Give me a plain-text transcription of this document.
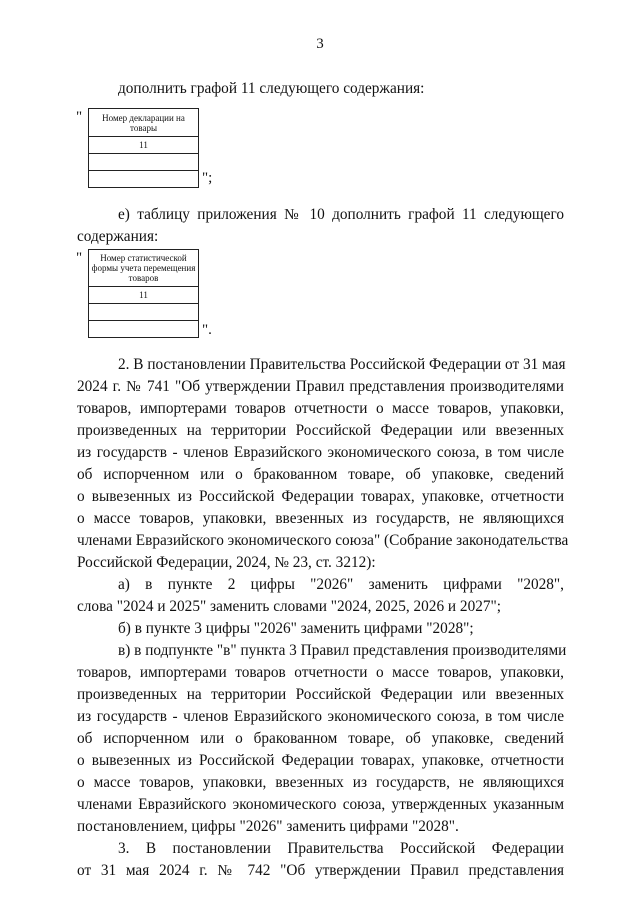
3
дополнить графой 11 следующего содержания:
" Номер декларации на товары
11

";
е) таблицу приложения № 10 дополнить графой 11 следующего
содержания:
" Номер статистической формы учета перемещения товаров
11

".
2. В постановлении Правительства Российской Федерации от 31 мая
2024 г. № 741 "Об утверждении Правил представления производителями
товаров, импортерами товаров отчетности о массе товаров, упаковки,
произведенных на территории Российской Федерации или ввезенных
из государств - членов Евразийского экономического союза, в том числе
об испорченном или о бракованном товаре, об упаковке, сведений
о вывезенных из Российской Федерации товарах, упаковке, отчетности
о массе товаров, упаковки, ввезенных из государств, не являющихся
членами Евразийского экономического союза" (Собрание законодательства
Российской Федерации, 2024, № 23, ст. 3212):
а) в пункте 2 цифры "2026" заменить цифрами "2028",
слова "2024 и 2025" заменить словами "2024, 2025, 2026 и 2027";
б) в пункте 3 цифры "2026" заменить цифрами "2028";
в) в подпункте "в" пункта 3 Правил представления производителями
товаров, импортерами товаров отчетности о массе товаров, упаковки,
произведенных на территории Российской Федерации или ввезенных
из государств - членов Евразийского экономического союза, в том числе
об испорченном или о бракованном товаре, об упаковке, сведений
о вывезенных из Российской Федерации товарах, упаковке, отчетности
о массе товаров, упаковки, ввезенных из государств, не являющихся
членами Евразийского экономического союза, утвержденных указанным
постановлением, цифры "2026" заменить цифрами "2028".
3. В постановлении Правительства Российской Федерации
от 31 мая 2024 г. № 742 "Об утверждении Правил представления
